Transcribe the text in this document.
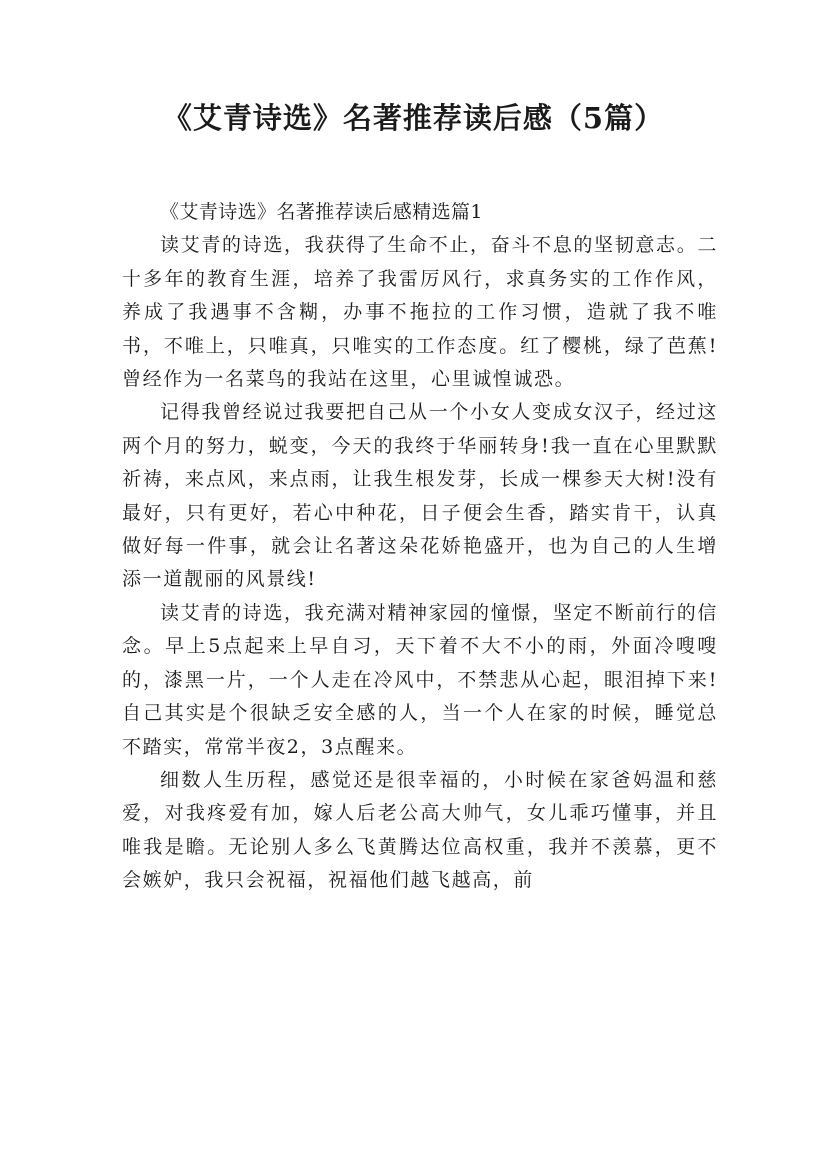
《艾青诗选》名著推荐读后感（5篇）

《艾青诗选》名著推荐读后感精选篇1

读艾青的诗选，我获得了生命不止，奋斗不息的坚韧意志。二十多年的教育生涯，培养了我雷厉风行，求真务实的工作作风，养成了我遇事不含糊，办事不拖拉的工作习惯，造就了我不唯书，不唯上，只唯真，只唯实的工作态度。红了樱桃，绿了芭蕉!曾经作为一名菜鸟的我站在这里，心里诚惶诚恐。

记得我曾经说过我要把自己从一个小女人变成女汉子，经过这两个月的努力，蜕变，今天的我终于华丽转身!我一直在心里默默祈祷，来点风，来点雨，让我生根发芽，长成一棵参天大树!没有最好，只有更好，若心中种花，日子便会生香，踏实肯干，认真做好每一件事，就会让名著这朵花娇艳盛开，也为自己的人生增添一道靓丽的风景线!

读艾青的诗选，我充满对精神家园的憧憬，坚定不断前行的信念。早上5点起来上早自习，天下着不大不小的雨，外面冷嗖嗖的，漆黑一片，一个人走在冷风中，不禁悲从心起，眼泪掉下来!自己其实是个很缺乏安全感的人，当一个人在家的时候，睡觉总不踏实，常常半夜2，3点醒来。

细数人生历程，感觉还是很幸福的，小时候在家爸妈温和慈爱，对我疼爱有加，嫁人后老公高大帅气，女儿乖巧懂事，并且唯我是瞻。无论别人多么飞黄腾达位高权重，我并不羡慕，更不会嫉妒，我只会祝福，祝福他们越飞越高，前
